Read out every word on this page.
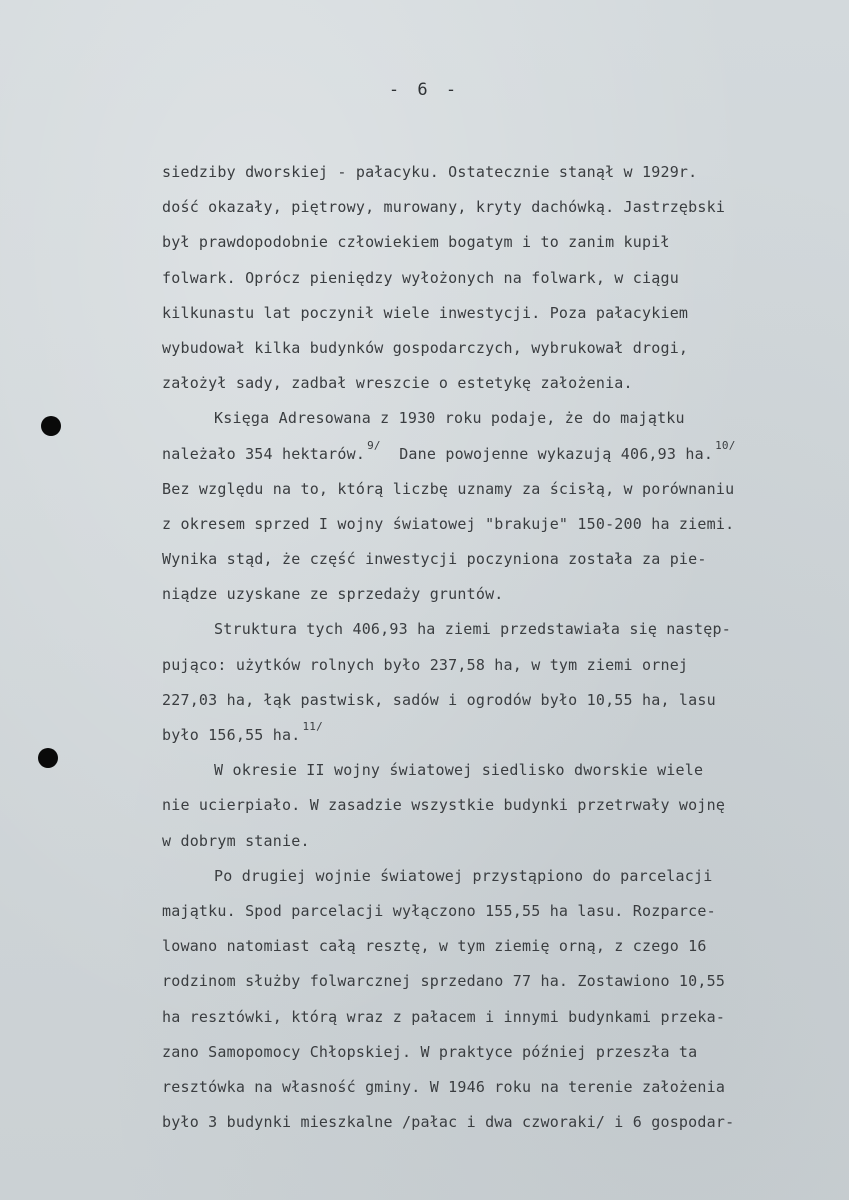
- 6 -
siedziby dworskiej - pałacyku. Ostatecznie stanął w 1929r.
dość okazały, piętrowy, murowany, kryty dachówką. Jastrzębski
był prawdopodobnie człowiekiem bogatym i to zanim kupił
folwark. Oprócz pieniędzy wyłożonych na folwark, w ciągu
kilkunastu lat poczynił wiele inwestycji. Poza pałacykiem
wybudował kilka budynków gospodarczych, wybrukował drogi,
założył sady, zadbał wreszcie o estetykę założenia.
Księga Adresowana z 1930 roku podaje, że do majątku
należało 354 hektarów. $^{9/}$ Dane powojenne wykazują 406,93 ha. $^{10/}$
Bez względu na to, którą liczbę uznamy za ścisłą, w porównaniu
z okresem sprzed I wojny światowej "brakuje" 150-200 ha ziemi.
Wynika stąd, że część inwestycji poczyniona została za pie-
niądze uzyskane ze sprzedaży gruntów.
Struktura tych 406,93 ha ziemi przedstawiała się następ-
pująco: użytków rolnych było 237,58 ha, w tym ziemi ornej
227,03 ha, łąk pastwisk, sadów i ogrodów było 10,55 ha, lasu
było 156,55 ha. $^{11/}$
W okresie II wojny światowej siedlisko dworskie wiele
nie ucierpiało. W zasadzie wszystkie budynki przetrwały wojnę
w dobrym stanie.
Po drugiej wojnie światowej przystąpiono do parcelacji
majątku. Spod parcelacji wyłączono 155,55 ha lasu. Rozparce-
lowano natomiast całą resztę, w tym ziemię orną, z czego 16
rodzinom służby folwarcznej sprzedano 77 ha. Zostawiono 10,55
ha resztówki, którą wraz z pałacem i innymi budynkami przeka-
zano Samopomocy Chłopskiej. W praktyce później przeszła ta
resztówka na własność gminy. W 1946 roku na terenie założenia
było 3 budynki mieszkalne /pałac i dwa czworaki/ i 6 gospodar-
